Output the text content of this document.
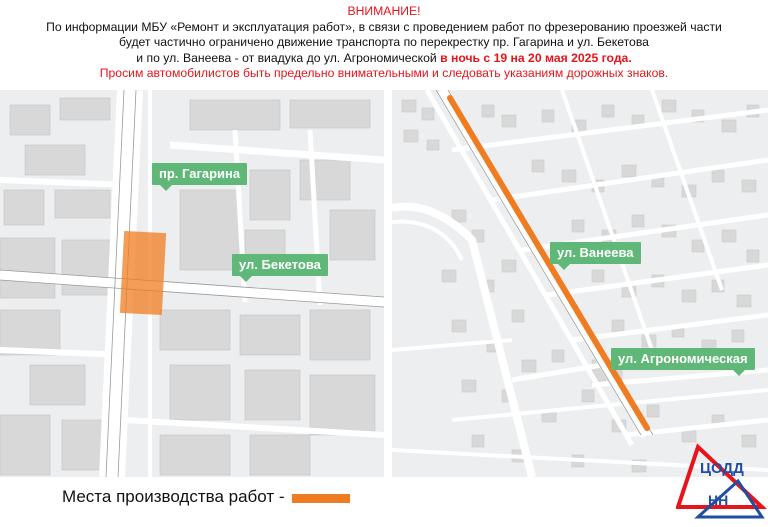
ВНИМАНИЕ!
По информации МБУ «Ремонт и эксплуатация работ», в связи с проведением работ по фрезерованию проезжей части
будет частично ограничено движение транспорта по перекрестку пр. Гагарина и ул. Бекетова
и по ул. Ванеева - от виадука до ул. Агрономической в ночь с 19 на 20 мая 2025 года.
Просим автомобилистов быть предельно внимательными и следовать указаниям дорожных знаков.
пр. Гагарина
ул. Бекетова
ул. Ванеева
ул. Агрономическая
Места производства работ -
ЦОДД
НН
